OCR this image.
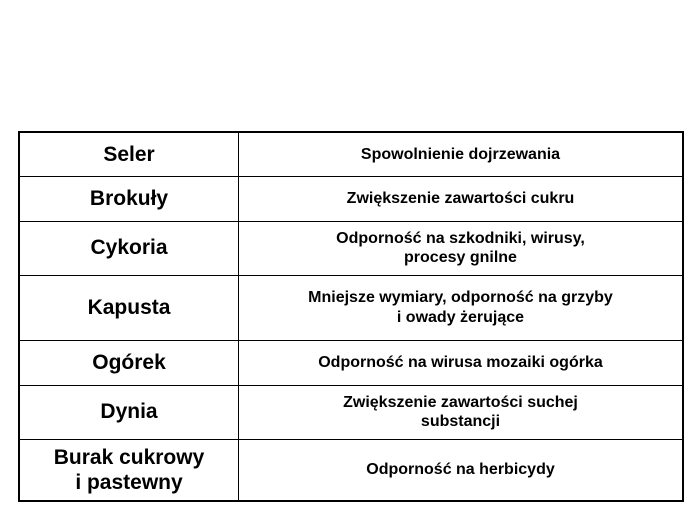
Seler	Spowolnienie dojrzewania

Brokuły	Zwiększenie zawartości cukru

Cykoria	Odporność na szkodniki, wirusy,
procesy gnilne

Kapusta	Mniejsze wymiary, odporność na grzyby
i owady żerujące

Ogórek	Odporność na wirusa mozaiki ogórka

Dynia	Zwiększenie zawartości suchej
substancji

Burak cukrowy
i pastewny	Odporność na herbicydy
